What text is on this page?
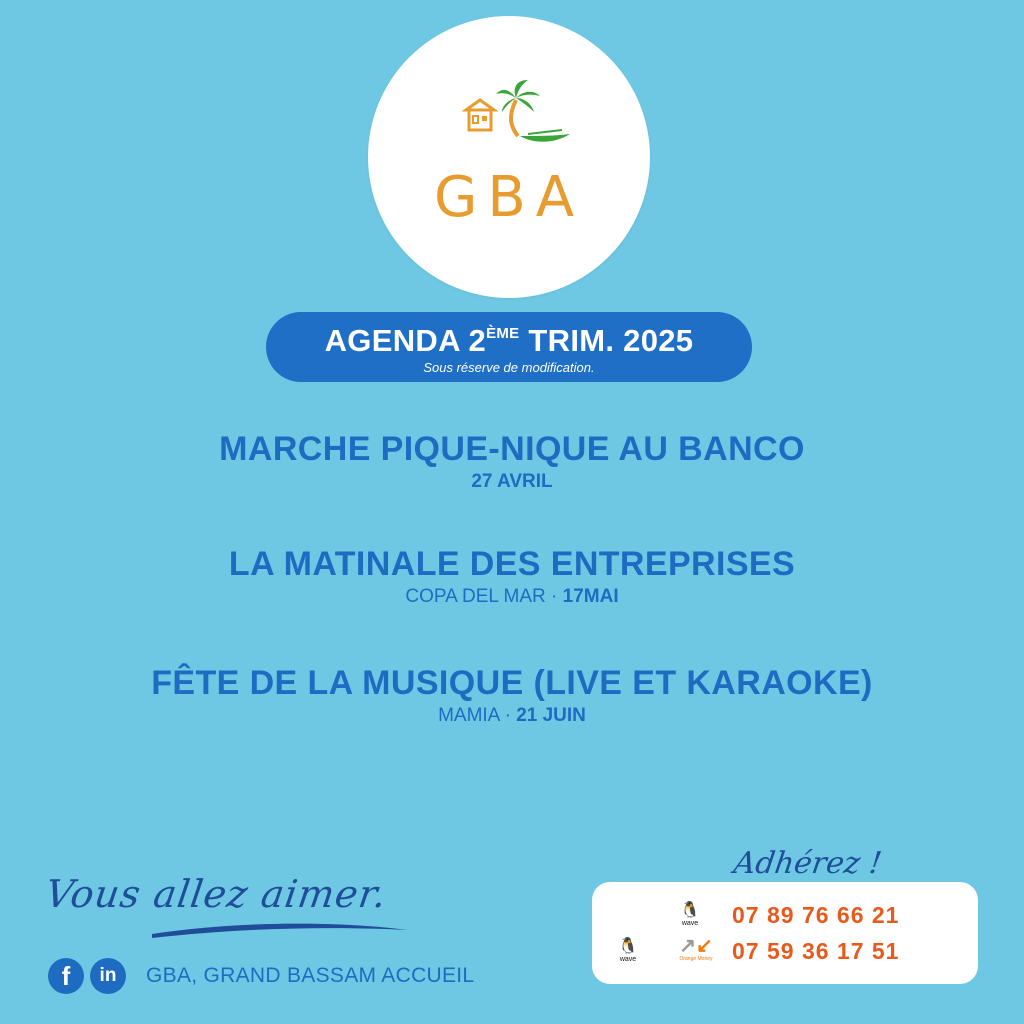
GBA
AGENDA 2ÈME TRIM. 2025
Sous réserve de modification.
MARCHE PIQUE-NIQUE AU BANCO
27 AVRIL
LA MATINALE DES ENTREPRISES
COPA DEL MAR · 17MAI
FÊTE DE LA MUSIQUE (LIVE ET KARAOKE)
MAMIA · 21 JUIN
Vous allez aimer.
f	in	GBA, GRAND BASSAM ACCUEIL
Adhérez !
🐧
wave 07 89 76 66 21
🐧
wave
↗↙
Orange Money 07 59 36 17 51
